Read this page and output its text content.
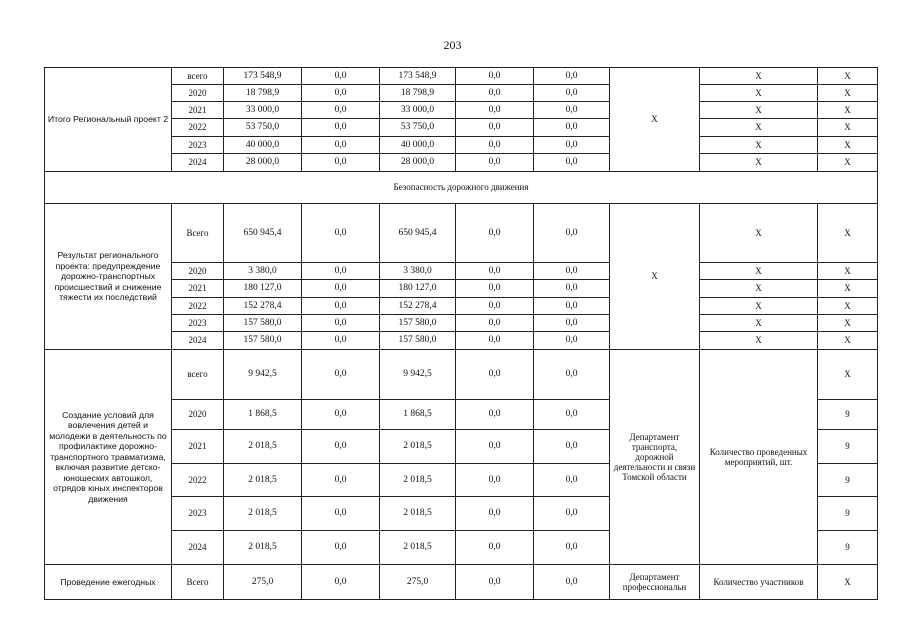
203
Итого Региональный проект 2	всего	173 548,9	0,0	173 548,9	0,0	0,0	Х	Х	Х
	2020	18 798,9	0,0	18 798,9	0,0	0,0		Х	Х
	2021	33 000,0	0,0	33 000,0	0,0	0,0		Х	Х
	2022	53 750,0	0,0	53 750,0	0,0	0,0		Х	Х
	2023	40 000,0	0,0	40 000,0	0,0	0,0		Х	Х
	2024	28 000,0	0,0	28 000,0	0,0	0,0		Х	Х
Безопасность дорожного движения									
Результат регионального проекта: предупреждение дорожно-транспортных происшествий и снижение тяжести их последствий	Всего	650 945,4	0,0	650 945,4	0,0	0,0	Х	Х	Х
	2020	3 380,0	0,0	3 380,0	0,0	0,0		Х	Х
	2021	180 127,0	0,0	180 127,0	0,0	0,0		Х	Х
	2022	152 278,4	0,0	152 278,4	0,0	0,0		Х	Х
	2023	157 580,0	0,0	157 580,0	0,0	0,0		Х	Х
	2024	157 580,0	0,0	157 580,0	0,0	0,0		Х	Х
Создание условий для вовлечения детей и молодежи в деятельность по профилактике дорожно-транспортного травматизма, включая развитие детско-юношеских автошкол, отрядов юных инспекторов движения	всего	9 942,5	0,0	9 942,5	0,0	0,0	Департамент транспорта, дорожной деятельности и связи Томской области	Количество проведенных мероприятий, шт.	Х
	2020	1 868,5	0,0	1 868,5	0,0	0,0			9
	2021	2 018,5	0,0	2 018,5	0,0	0,0			9
	2022	2 018,5	0,0	2 018,5	0,0	0,0			9
	2023	2 018,5	0,0	2 018,5	0,0	0,0			9
	2024	2 018,5	0,0	2 018,5	0,0	0,0			9
Проведение ежегодных	Всего	275,0	0,0	275,0	0,0	0,0	Департамент профессиональн	Количество участников	Х
